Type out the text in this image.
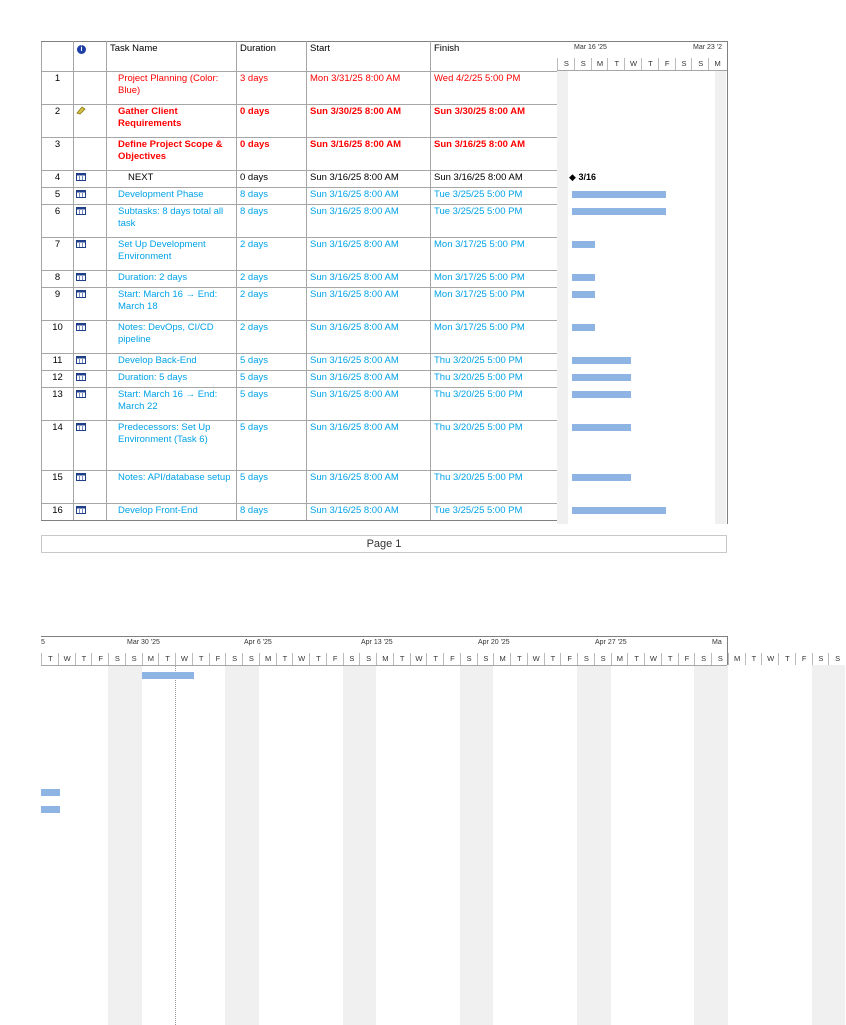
	i	Task Name	Duration	Start	Finish
1		Project Planning (Color: Blue)	3 days	Mon 3/31/25 8:00 AM	Wed 4/2/25 5:00 PM
2		Gather Client Requirements	0 days	Sun 3/30/25 8:00 AM	Sun 3/30/25 8:00 AM
3		Define Project Scope & Objectives	0 days	Sun 3/16/25 8:00 AM	Sun 3/16/25 8:00 AM
4		NEXT	0 days	Sun 3/16/25 8:00 AM	Sun 3/16/25 8:00 AM
5		Development Phase	8 days	Sun 3/16/25 8:00 AM	Tue 3/25/25 5:00 PM
6		Subtasks: 8 days total all task	8 days	Sun 3/16/25 8:00 AM	Tue 3/25/25 5:00 PM
7		Set Up Development Environment	2 days	Sun 3/16/25 8:00 AM	Mon 3/17/25 5:00 PM
8		Duration: 2 days	2 days	Sun 3/16/25 8:00 AM	Mon 3/17/25 5:00 PM
9		Start: March 16 → End: March 18	2 days	Sun 3/16/25 8:00 AM	Mon 3/17/25 5:00 PM
10		Notes: DevOps, CI/CD pipeline	2 days	Sun 3/16/25 8:00 AM	Mon 3/17/25 5:00 PM
11		Develop Back-End	5 days	Sun 3/16/25 8:00 AM	Thu 3/20/25 5:00 PM
12		Duration: 5 days	5 days	Sun 3/16/25 8:00 AM	Thu 3/20/25 5:00 PM
13		Start: March 16 → End: March 22	5 days	Sun 3/16/25 8:00 AM	Thu 3/20/25 5:00 PM
14		Predecessors: Set Up Environment (Task 6)	5 days	Sun 3/16/25 8:00 AM	Thu 3/20/25 5:00 PM
15		Notes: API/database setup	5 days	Sun 3/16/25 8:00 AM	Thu 3/20/25 5:00 PM
16		Develop Front-End	8 days	Sun 3/16/25 8:00 AM	Tue 3/25/25 5:00 PM
Mar 16 '25	Mar 23 '2
S	S	M	T	W	T	F	S	S	M
◆ 3/16
Page 1
5	Mar 30 '25	Apr 6 '25	Apr 13 '25	Apr 20 '25	Apr 27 '25	Ma
T	W	T	F	S	S	M	T	W	T	F	S	S	M	T	W	T	F	S	S	M	T	W	T	F	S	S	M	T	W	T	F	S	S	M	T	W	T	F	S	S	M	T	W	T	F	S	S
